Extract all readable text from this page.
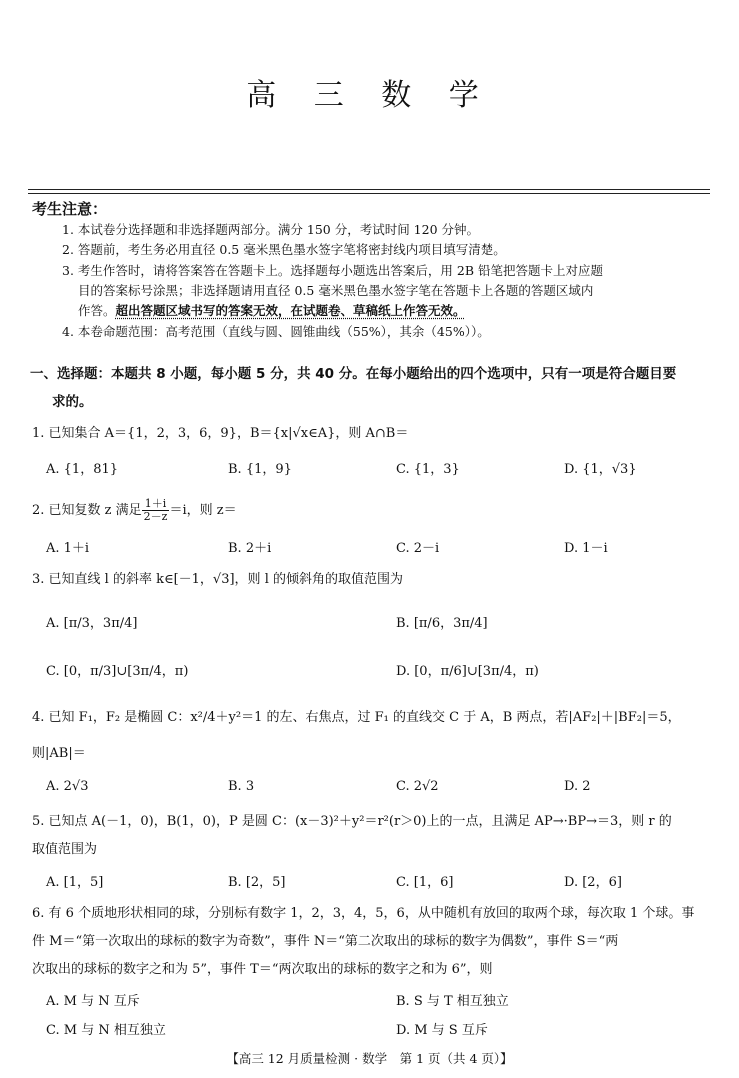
高 三 数 学
考生注意：
1. 本试卷分选择题和非选择题两部分。满分 150 分，考试时间 120 分钟。
2. 答题前，考生务必用直径 0.5 毫米黑色墨水签字笔将密封线内项目填写清楚。
3. 考生作答时，请将答案答在答题卡上。选择题每小题选出答案后，用 2B 铅笔把答题卡上对应题
目的答案标号涂黑；非选择题请用直径 0.5 毫米黑色墨水签字笔在答题卡上各题的答题区域内
作答。超出答题区域书写的答案无效，在试题卷、草稿纸上作答无效。
4. 本卷命题范围：高考范围（直线与圆、圆锥曲线（55%），其余（45%））。
一、选择题：本题共 8 小题，每小题 5 分，共 40 分。在每小题给出的四个选项中，只有一项是符合题目要
求的。
1. 已知集合 A＝{1，2，3，6，9}，B＝{x|√x∈A}，则 A∩B＝
A. {1，81}	B. {1，9}	C. {1，3}	D. {1，√3}
2. 已知复数 z 满足 $\frac{1+i}{2-z} =i$，则 z＝
A. 1＋i	B. 2＋i	C. 2－i	D. 1－i
3. 已知直线 l 的斜率 k∈[－1，√3]，则 l 的倾斜角的取值范围为
A. [π/3，3π/4]	B. [π/6，3π/4]
C. [0，π/3]∪[3π/4，π)	D. [0，π/6]∪[3π/4，π)
4. 已知 F₁，F₂ 是椭圆 C：x²/4＋y²＝1 的左、右焦点，过 F₁ 的直线交 C 于 A，B 两点，若|AF₂|＋|BF₂|＝5，
则|AB|＝
A. 2√3	B. 3	C. 2√2	D. 2
5. 已知点 A(－1，0)，B(1，0)，P 是圆 C：(x－3)²＋y²＝r²(r＞0)上的一点，且满足 AP→·BP→＝3，则 r 的
取值范围为
A. [1，5]	B. [2，5]	C. [1，6]	D. [2，6]
6. 有 6 个质地形状相同的球，分别标有数字 1，2，3，4，5，6，从中随机有放回的取两个球，每次取 1 个球。事
件 M＝“第一次取出的球标的数字为奇数”，事件 N＝“第二次取出的球标的数字为偶数”，事件 S＝“两
次取出的球标的数字之和为 5”，事件 T＝“两次取出的球标的数字之和为 6”，则
A. M 与 N 互斥	B. S 与 T 相互独立
C. M 与 N 相互独立	D. M 与 S 互斥
【高三 12 月质量检测 · 数学　第 1 页（共 4 页）】
